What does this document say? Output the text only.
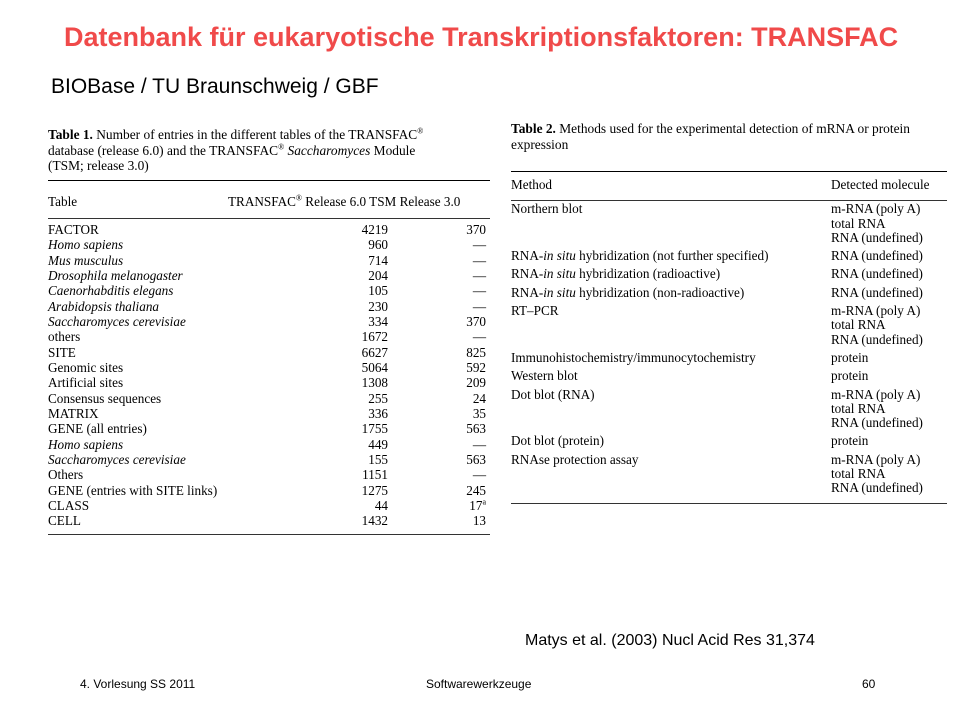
Datenbank für eukaryotische Transkriptionsfaktoren: TRANSFAC
BIOBase / TU Braunschweig / GBF
Table 1. Number of entries in the different tables of the TRANSFAC®
database (release 6.0) and the TRANSFAC® Saccharomyces Module
(TSM; release 3.0)
Table	TRANSFAC® Release 6.0 TSM Release 3.0
FACTOR	4219	370
Homo sapiens	960	—
Mus musculus	714	—
Drosophila melanogaster	204	—
Caenorhabditis elegans	105	—
Arabidopsis thaliana	230	—
Saccharomyces cerevisiae	334	370
others	1672	—
SITE	6627	825
Genomic sites	5064	592
Artificial sites	1308	209
Consensus sequences	255	24
MATRIX	336	35
GENE (all entries)	1755	563
Homo sapiens	449	—
Saccharomyces cerevisiae	155	563
Others	1151	—
GENE (entries with SITE links)	1275	245
CLASS	44	17$^a$
CELL	1432	13
Table 2. Methods used for the experimental detection of mRNA or protein
expression
Method	Detected molecule
Northern blot	m-RNA (poly A)
	total RNA
	RNA (undefined)
RNA-in situ hybridization (not further specified)	RNA (undefined)
RNA-in situ hybridization (radioactive)	RNA (undefined)
RNA-in situ hybridization (non-radioactive)	RNA (undefined)
RT–PCR	m-RNA (poly A)
	total RNA
	RNA (undefined)
Immunohistochemistry/immunocytochemistry	protein
Western blot	protein
Dot blot (RNA)	m-RNA (poly A)
	total RNA
	RNA (undefined)
Dot blot (protein)	protein
RNAse protection assay	m-RNA (poly A)
	total RNA
	RNA (undefined)
Matys et al. (2003) Nucl Acid Res 31,374
4. Vorlesung SS 2011	Softwarewerkzeuge	60
